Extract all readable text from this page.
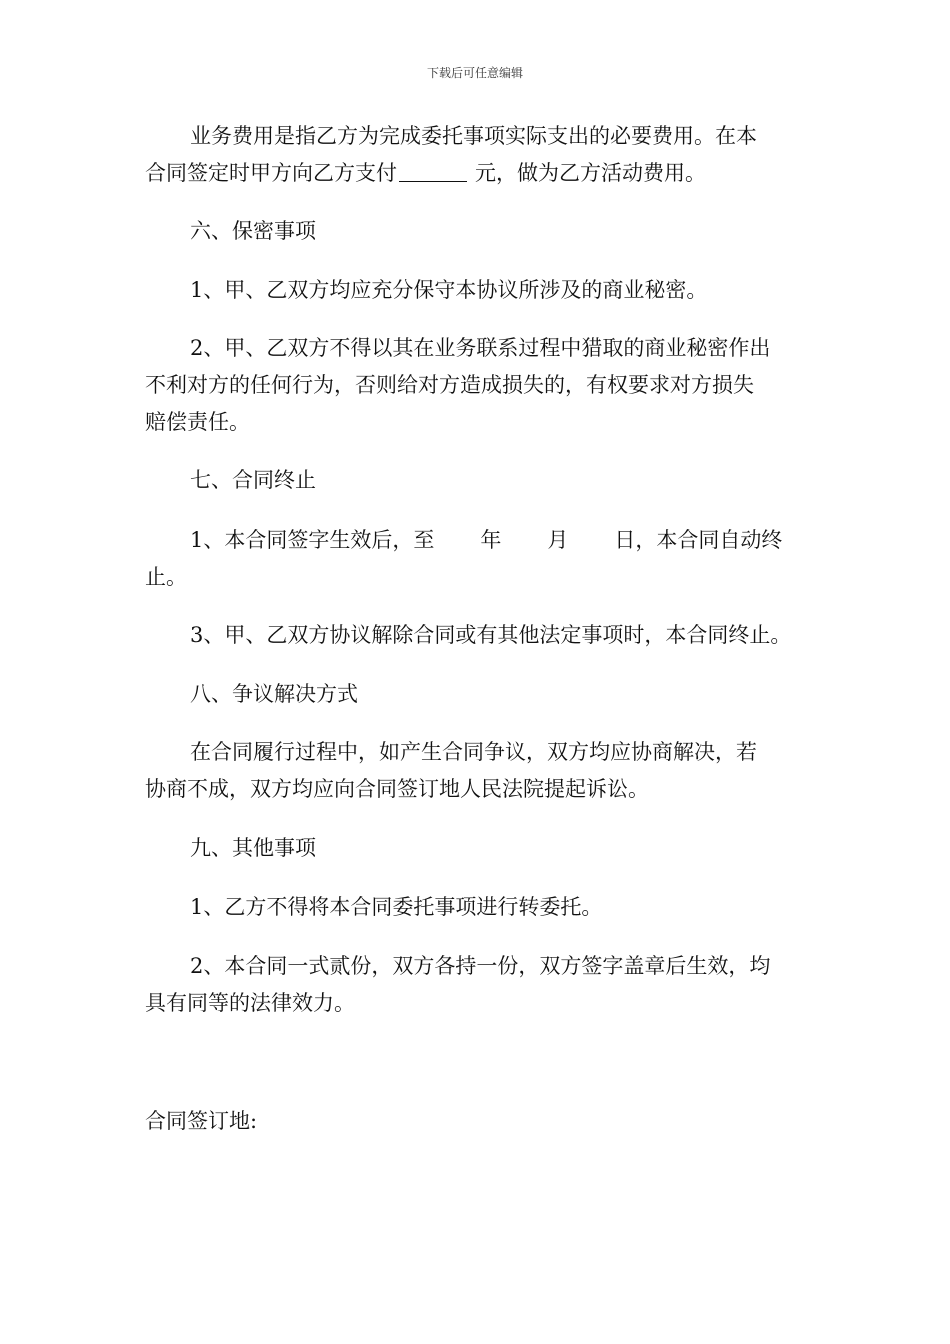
下载后可任意编辑
业务费用是指乙方为完成委托事项实际支出的必要费用。在本
合同签定时甲方向乙方支付	元，做为乙方活动费用。
六、保密事项
1、甲、乙双方均应充分保守本协议所涉及的商业秘密。
2、甲、乙双方不得以其在业务联系过程中猎取的商业秘密作出
不利对方的任何行为，否则给对方造成损失的，有权要求对方损失
赔偿责任。
七、合同终止
1、本合同签字生效后，至 年 月 日，本合同自动终
止。
3、甲、乙双方协议解除合同或有其他法定事项时，本合同终止。
八、争议解决方式
在合同履行过程中，如产生合同争议，双方均应协商解决，若
协商不成，双方均应向合同签订地人民法院提起诉讼。
九、其他事项
1、乙方不得将本合同委托事项进行转委托。
2、本合同一式贰份，双方各持一份，双方签字盖章后生效，均
具有同等的法律效力。
合同签订地:
